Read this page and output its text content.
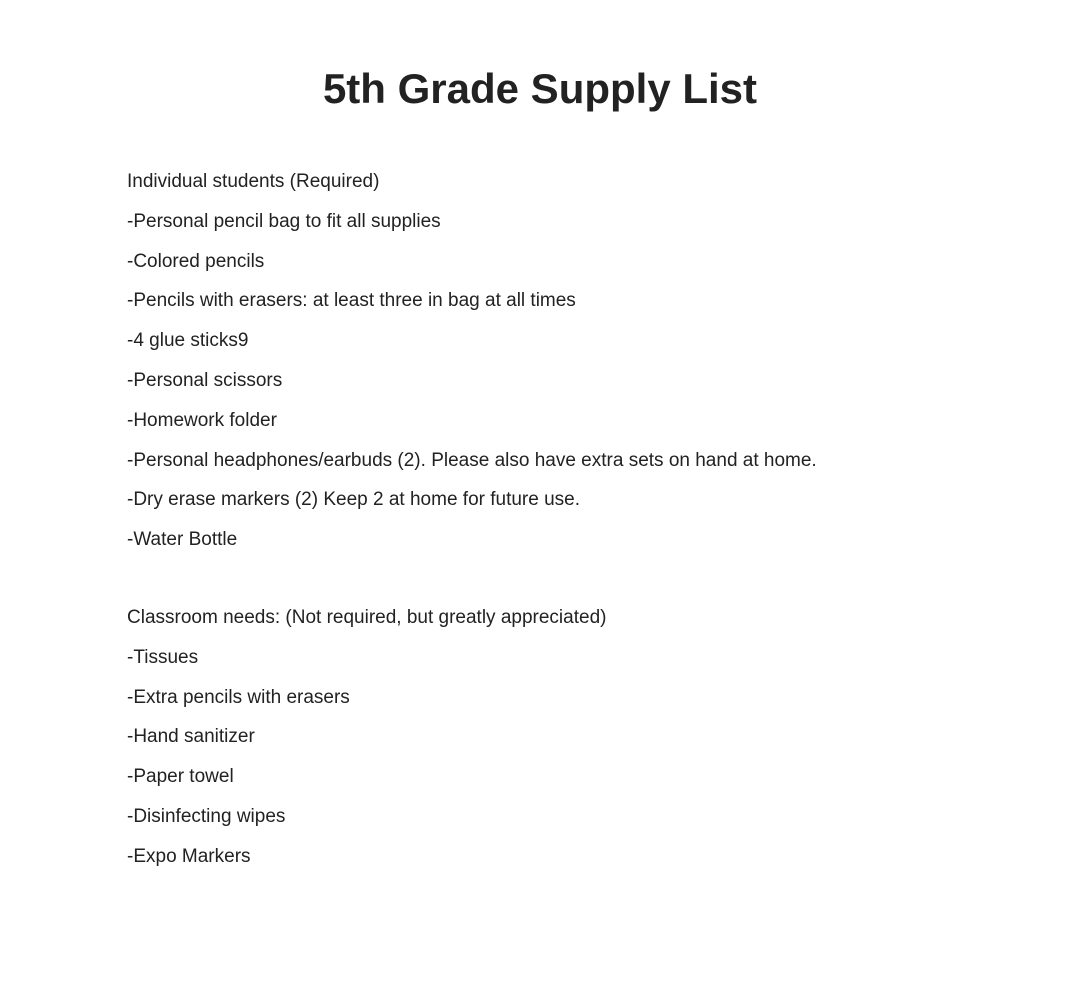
5th Grade Supply List
Individual students (Required)
-Personal pencil bag to fit all supplies
-Colored pencils
-Pencils with erasers: at least three in bag at all times
-4 glue sticks9
-Personal scissors
-Homework folder
-Personal headphones/earbuds (2). Please also have extra sets on hand at home.
-Dry erase markers (2) Keep 2 at home for future use.
-Water Bottle
Classroom needs: (Not required, but greatly appreciated)
-Tissues
-Extra pencils with erasers
-Hand sanitizer
-Paper towel
-Disinfecting wipes
-Expo Markers
